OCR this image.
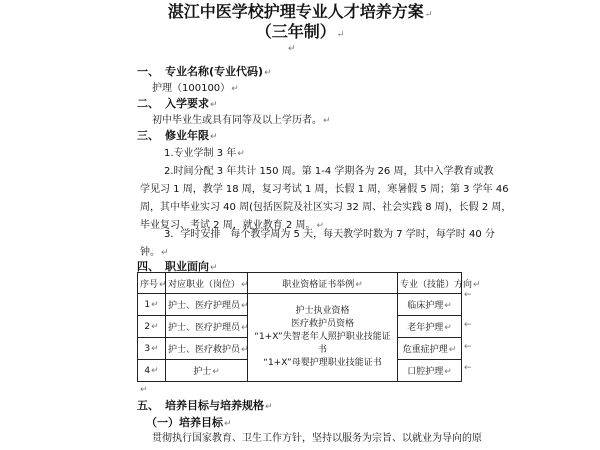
湛江中医学校护理专业人才培养方案↵
（三年制）↵
↵
一、 专业名称(专业代码)↵
护理（100100）↵
二、 入学要求↵
初中毕业生或具有同等及以上学历者。↵
三、 修业年限↵
1.专业学制 3 年↵
2.时间分配 3 年共计 150 周。第 1-4 学期各为 26 周，其中入学教育或教
学见习 1 周，教学 18 周，复习考试 1 周，长假 1 周，寒暑假 5 周；第 3 学年 46
周，其中毕业实习 40 周(包括医院及社区实习 32 周、社会实践 8 周)，长假 2 周，
毕业复习、考试 2 周，就业教育 2 周。↵
3．学时安排　每个教学周为 5 天，每天教学时数为 7 学时，每学时 40 分
钟。↵
四、 职业面向↵
序号↵	对应职业（岗位）↵	职业资格证书举例↵	专业（技能）方向↵
1↵	护士、医疗护理员↵	护士执业资格
医疗救护员资格
“1+X”失智老年人照护职业技能证书
“1+X”母婴护理职业技能证书	临床护理↵
2↵	护士、医疗护理员↵		老年护理↵
3↵	护士、医疗救护员↵		危重症护理↵
4↵	护士↵		口腔护理↵
←
←
←
←
↵
五、 培养目标与培养规格↵
（一）培养目标↵
贯彻执行国家教育、卫生工作方针，坚持以服务为宗旨、以就业为导向的原
